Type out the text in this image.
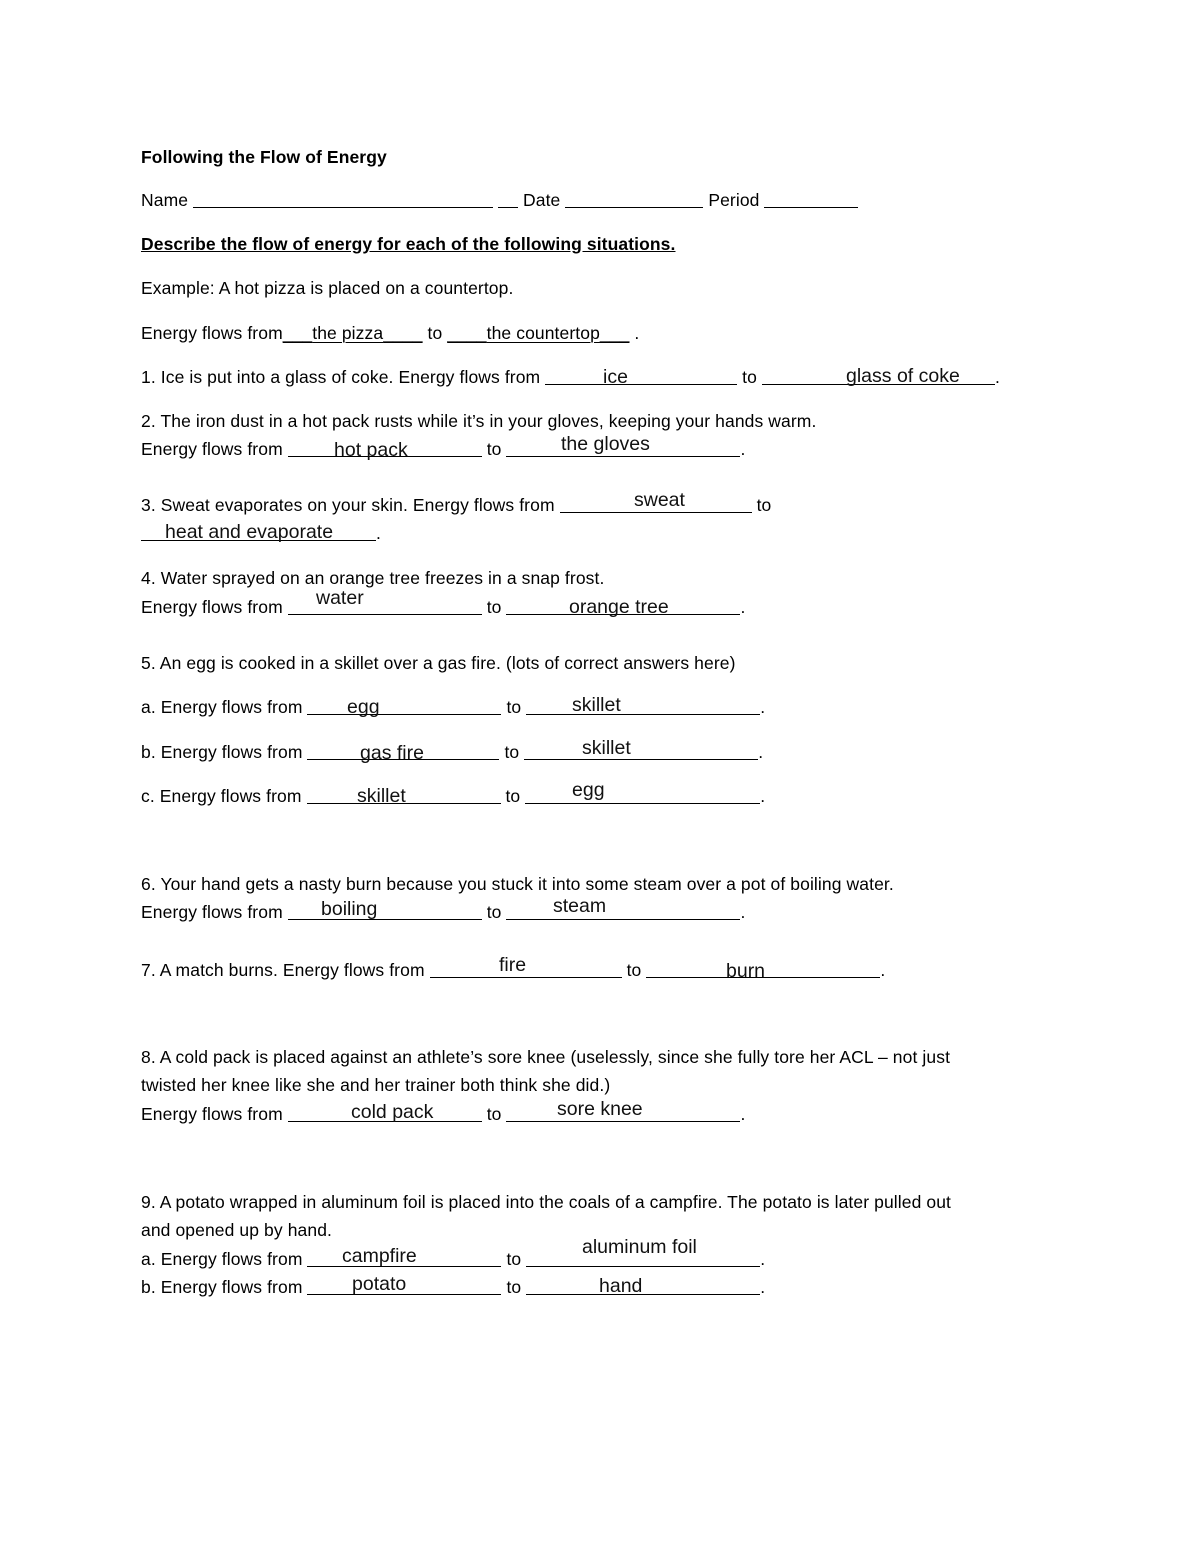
Following the Flow of Energy
Name	Date	Period
Describe the flow of energy for each of the following situations.
Example: A hot pizza is placed on a countertop.
Energy flows from​___the pizza____ to ____the countertop___ .
1. Ice is put into a glass of coke. Energy flows from	to	.
ice	glass of coke
2. The iron dust in a hot pack rusts while it’s in your gloves, keeping your hands warm.
Energy flows from	to	.
hot pack	the gloves
3. Sweat evaporates on your skin. Energy flows from	to
.
sweat
heat and evaporate
4. Water sprayed on an orange tree freezes in a snap frost.
Energy flows from	to	.
water	orange tree
5. An egg is cooked in a skillet over a gas fire. (lots of correct answers here)
a. Energy flows from	to	.
egg	skillet
b. Energy flows from	to	.
gas fire	skillet
c. Energy flows from	to	.
skillet	egg
6. Your hand gets a nasty burn because you stuck it into some steam over a pot of boiling water.
Energy flows from	to	.
boiling	steam
7. A match burns. Energy flows from	to	.
fire	burn
8. A cold pack is placed against an athlete’s sore knee (uselessly, since she fully tore her ACL – not just
twisted her knee like she and her trainer both think she did.)
Energy flows from	to	.
cold pack	sore knee
9. A potato wrapped in aluminum foil is placed into the coals of a campfire. The potato is later pulled out
and opened up by hand.
a. Energy flows from	to	.
campfire	aluminum foil
b. Energy flows from	to	.
potato	hand
